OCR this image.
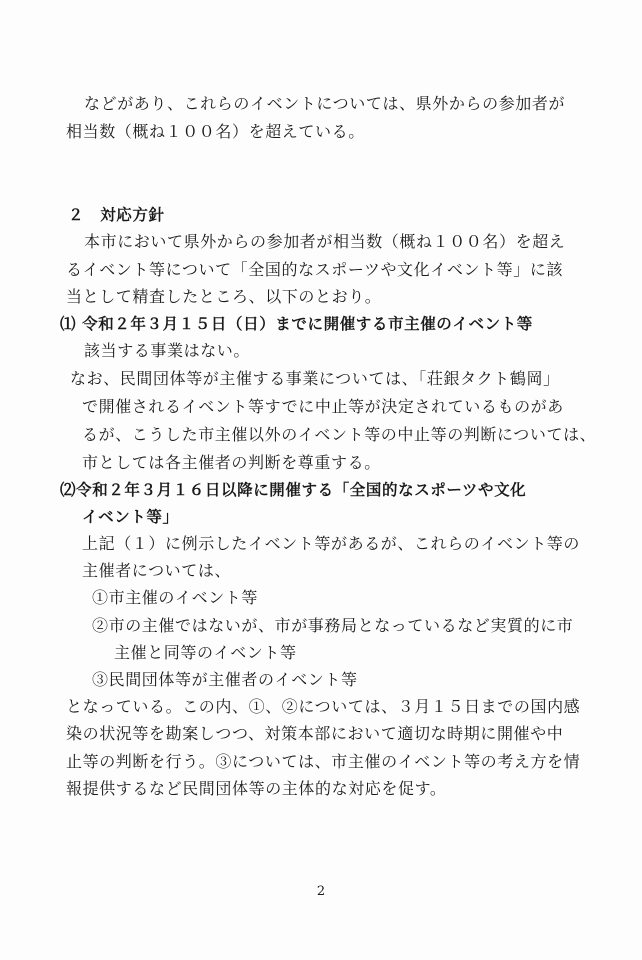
などがあり、これらのイベントについては、県外からの参加者が
相当数（概ね１００名）を超えている。
２　対応方針
本市において県外からの参加者が相当数（概ね１００名）を超え
るイベント等について「全国的なスポーツや文化イベント等」に該
当として精査したところ、以下のとおり。
⑴ 令和２年３月１５日（日）までに開催する市主催のイベント等
該当する事業はない。
なお、民間団体等が主催する事業については、「荘銀タクト鶴岡」
で開催されるイベント等すでに中止等が決定されているものがあ
るが、こうした市主催以外のイベント等の中止等の判断については、
市としては各主催者の判断を尊重する。
⑵令和２年３月１６日以降に開催する「全国的なスポーツや文化
イベント等」
上記（１）に例示したイベント等があるが、これらのイベント等の
主催者については、
①市主催のイベント等
②市の主催ではないが、市が事務局となっているなど実質的に市
主催と同等のイベント等
③民間団体等が主催者のイベント等
となっている。この内、①、②については、３月１５日までの国内感
染の状況等を勘案しつつ、対策本部において適切な時期に開催や中
止等の判断を行う。③については、市主催のイベント等の考え方を情
報提供するなど民間団体等の主体的な対応を促す。
2
